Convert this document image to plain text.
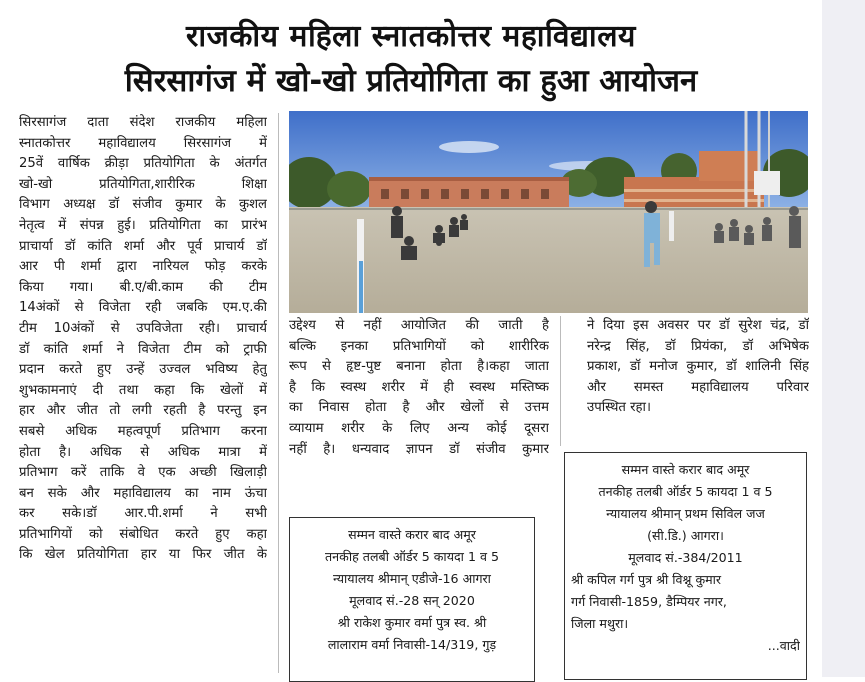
राजकीय महिला स्नातकोत्तर महाविद्यालय
सिरसागंज में खो-खो प्रतियोगिता का हुआ आयोजन
सिरसागंज दाता संदेश राजकीय महिला
स्नातकोत्तर महाविद्यालय सिरसागंज में
25वें वार्षिक क्रीड़ा प्रतियोगिता के अंतर्गत
खो-खो प्रतियोगिता,शारीरिक शिक्षा
विभाग अध्यक्ष डॉ संजीव कुमार के कुशल
नेतृत्व में संपन्न हुई। प्रतियोगिता का प्रारंभ
प्राचार्या डॉ कांति शर्मा और पूर्व प्राचार्य डॉ
आर पी शर्मा द्वारा नारियल फोड़ करके
किया गया। बी.ए/बी.काम की टीम
14अंकों से विजेता रही जबकि एम.ए.की
टीम 10अंकों से उपविजेता रही। प्राचार्य
डॉ कांति शर्मा ने विजेता टीम को ट्राफी
प्रदान करते हुए उन्हें उज्वल भविष्य हेतु
शुभकामनाएं दी तथा कहा कि खेलों में
हार और जीत तो लगी रहती है परन्तु इन
सबसे अधिक महत्वपूर्ण प्रतिभाग करना
होता है। अधिक से अधिक मात्रा में
प्रतिभाग करें ताकि वे एक अच्छी खिलाड़ी
बन सके और महाविद्यालय का नाम ऊंचा
कर सके।डॉ आर.पी.शर्मा ने सभी
प्रतिभागियों को संबोधित करते हुए कहा
कि खेल प्रतियोगिता हार या फिर जीत के
उद्देश्य से नहीं आयोजित की जाती है
बल्कि इनका प्रतिभागियों को शारीरिक
रूप से हृष्ट-पुष्ट बनाना होता है।कहा जाता
है कि स्वस्थ शरीर में ही स्वस्थ मस्तिष्क
का निवास होता है और खेलों से उत्तम
व्यायाम शरीर के लिए अन्य कोई दूसरा
नहीं है। धन्यवाद ज्ञापन डॉ संजीव कुमार
ने दिया इस अवसर पर डॉ सुरेश चंद्र, डॉ
नरेन्द्र सिंह, डॉ प्रियंका, डॉ अभिषेक
प्रकाश, डॉ मनोज कुमार, डॉ शालिनी सिंह
और समस्त महाविद्यालय परिवार
उपस्थित रहा।
सम्मन वास्ते करार बाद अमूर
तनकीह तलबी ऑर्डर 5 कायदा 1 व 5
न्यायालय श्रीमान् एडीजे-16 आगरा
मूलवाद सं.-28 सन् 2020
श्री राकेश कुमार वर्मा पुत्र स्व. श्री
लालाराम वर्मा निवासी-14/319, गुड़
सम्मन वास्ते करार बाद अमूर
तनकीह तलबी ऑर्डर 5 कायदा 1 व 5
न्यायालय श्रीमान् प्रथम सिविल जज
(सी.डि.) आगरा।
मूलवाद सं.-384/2011
श्री कपिल गर्ग पुत्र श्री विश्नू कुमार
गर्ग निवासी-1859, डैम्पियर नगर,
जिला मथुरा।
...वादी
